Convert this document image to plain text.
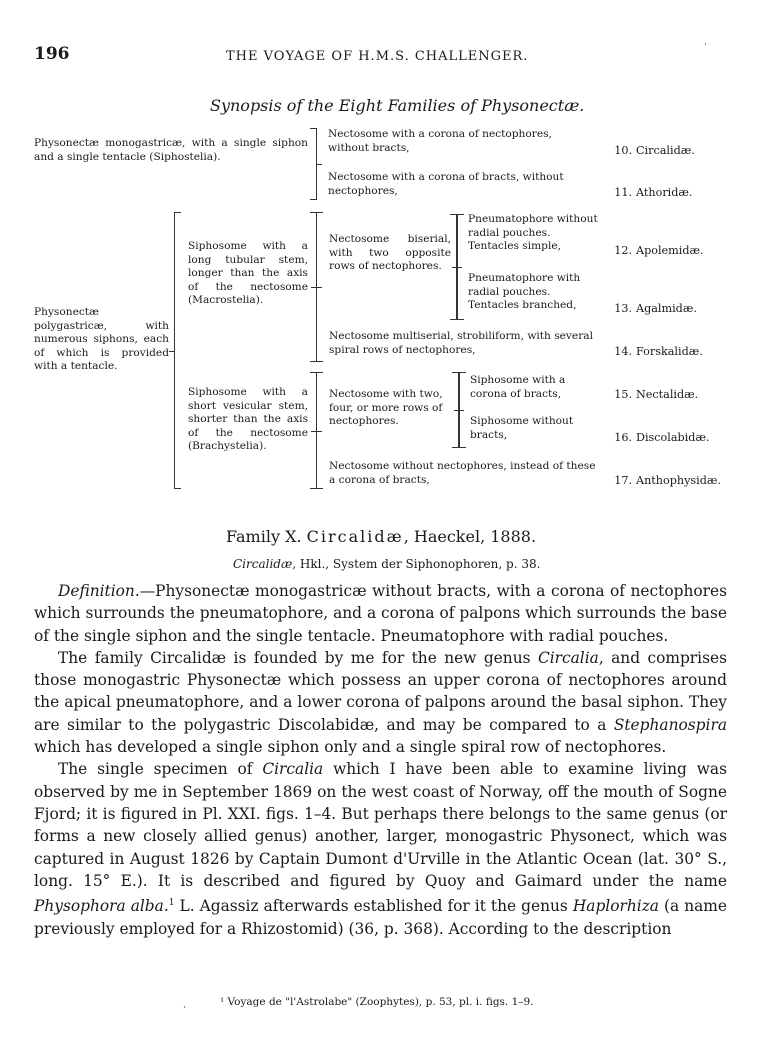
196	THE VOYAGE OF H.M.S. CHALLENGER.
·
Synopsis of the Eight Families of Physonectæ.
Physonectæ monogastricæ, with a single siphon and a single tentacle (Siphostelia).
Nectosome with a corona of nectophores, without bracts,
Nectosome with a corona of bracts, without nectophores,
Physonectæ polygastricæ, with numerous siphons, each of which is provided with a tentacle.
Siphosome with a long tubular stem, longer than the axis of the nectosome (Macrostelia).
Nectosome biserial, with two opposite rows of nectophores.
Pneumatophore without radial pouches. Tentacles simple,
Pneumatophore with radial pouches. Tentacles branched,
Nectosome multiserial, strobiliform, with several spiral rows of nectophores,
Siphosome with a short vesicular stem, shorter than the axis of the nectosome (Brachystelia).
Nectosome with two, four, or more rows of nectophores.
Siphosome with a corona of bracts,
Siphosome without bracts,
Nectosome without nectophores, instead of these a corona of bracts,
10. Circalidæ.
11. Athoridæ.
12. Apolemidæ.
13. Agalmidæ.
14. Forskalidæ.
15. Nectalidæ.
16. Discolabidæ.
17. Anthophysidæ.
Family X. Circalidæ, Haeckel, 1888.
Circalidæ, Hkl., System der Siphonophoren, p. 38.

Definition.—Physonectæ monogastricæ without bracts, with a corona of nectophores which surrounds the pneumatophore, and a corona of palpons which surrounds the base of the single siphon and the single tentacle. Pneumatophore with radial pouches.

The family Circalidæ is founded by me for the new genus Circalia, and comprises those monogastric Physonectæ which possess an upper corona of nectophores around the apical pneumatophore, and a lower corona of palpons around the basal siphon. They are similar to the polygastric Discolabidæ, and may be compared to a Stephanospira which has developed a single siphon only and a single spiral row of nectophores.

The single specimen of Circalia which I have been able to examine living was observed by me in September 1869 on the west coast of Norway, off the mouth of Sogne Fjord; it is figured in Pl. XXI. figs. 1–4. But perhaps there belongs to the same genus (or forms a new closely allied genus) another, larger, monogastric Physonect, which was captured in August 1826 by Captain Dumont d'Urville in the Atlantic Ocean (lat. 30° S., long. 15° E.). It is described and figured by Quoy and Gaimard under the name Physophora alba.$^1$ L. Agassiz afterwards established for it the genus Haplorhiza (a name previously employed for a Rhizostomid) (36, p. 368). According to the description

·	¹ Voyage de "l'Astrolabe" (Zoophytes), p. 53, pl. i. figs. 1–9.
